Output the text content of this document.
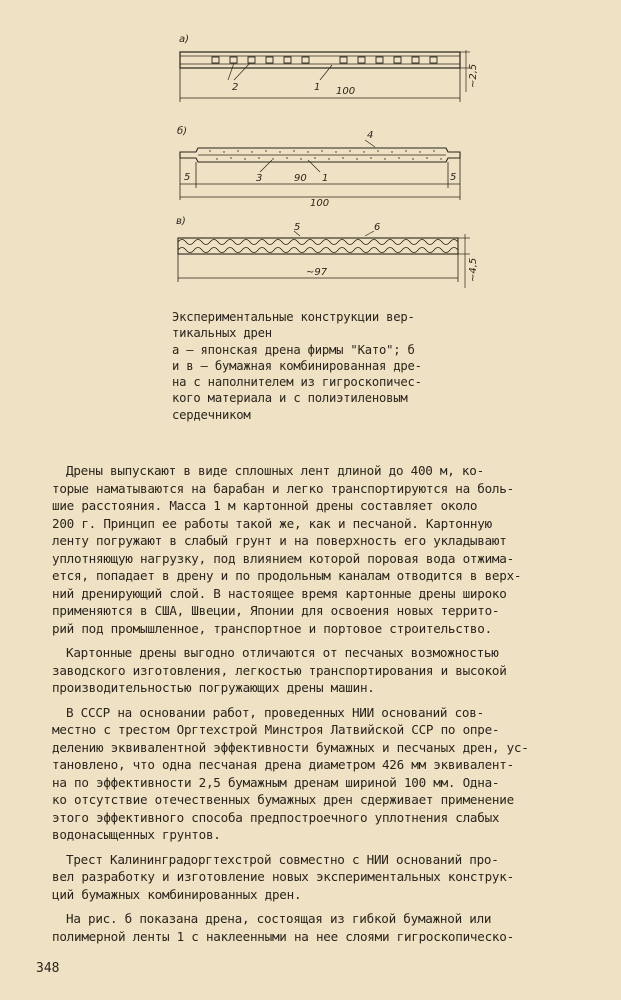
а)
2	1 100
~2,5
б)	4
5	3	90 1	5
100
в)
5	6
~97	~4,5
Экспериментальные конструкции вер-
тикальных дрен
а – японская дрена фирмы "Като"; б
и в – бумажная комбинированная дре-
на с наполнителем из гигроскопичес-
кого материала и с полиэтиленовым
сердечником
Дрены выпускают в виде сплошных лент длиной до 400 м, ко-
торые наматываются на барабан и легко транспортируются на боль-
шие расстояния. Масса 1 м картонной дрены составляет около
200 г. Принцип ее работы такой же, как и песчаной. Картонную
ленту погружают в слабый грунт и на поверхность его укладывают
уплотняющую нагрузку, под влиянием которой поровая вода отжима-
ется, попадает в дрену и по продольным каналам отводится в верх-
ний дренирующий слой. В настоящее время картонные дрены широко
применяются в США, Швеции, Японии для освоения новых террито-
рий под промышленное, транспортное и портовое строительство.
Картонные дрены выгодно отличаются от песчаных возможностью
заводского изготовления, легкостью транспортирования и высокой
производительностью погружающих дрены машин.
В СССР на основании работ, проведенных НИИ оснований сов-
местно с трестом Оргтехстрой Минстроя Латвийской ССР по опре-
делению эквивалентной эффективности бумажных и песчаных дрен, ус-
тановлено, что одна песчаная дрена диаметром 426 мм эквивалент-
на по эффективности 2,5 бумажным дренам шириной 100 мм. Одна-
ко отсутствие отечественных бумажных дрен сдерживает применение
этого эффективного способа предпостроечного уплотнения слабых
водонасыщенных грунтов.
Трест Калининградоргтехстрой совместно с НИИ оснований про-
вел разработку и изготовление новых экспериментальных конструк-
ций бумажных комбинированных дрен.
На рис. б показана дрена, состоящая из гибкой бумажной или
полимерной ленты 1 с наклеенными на нее слоями гигроскопическо-
348
